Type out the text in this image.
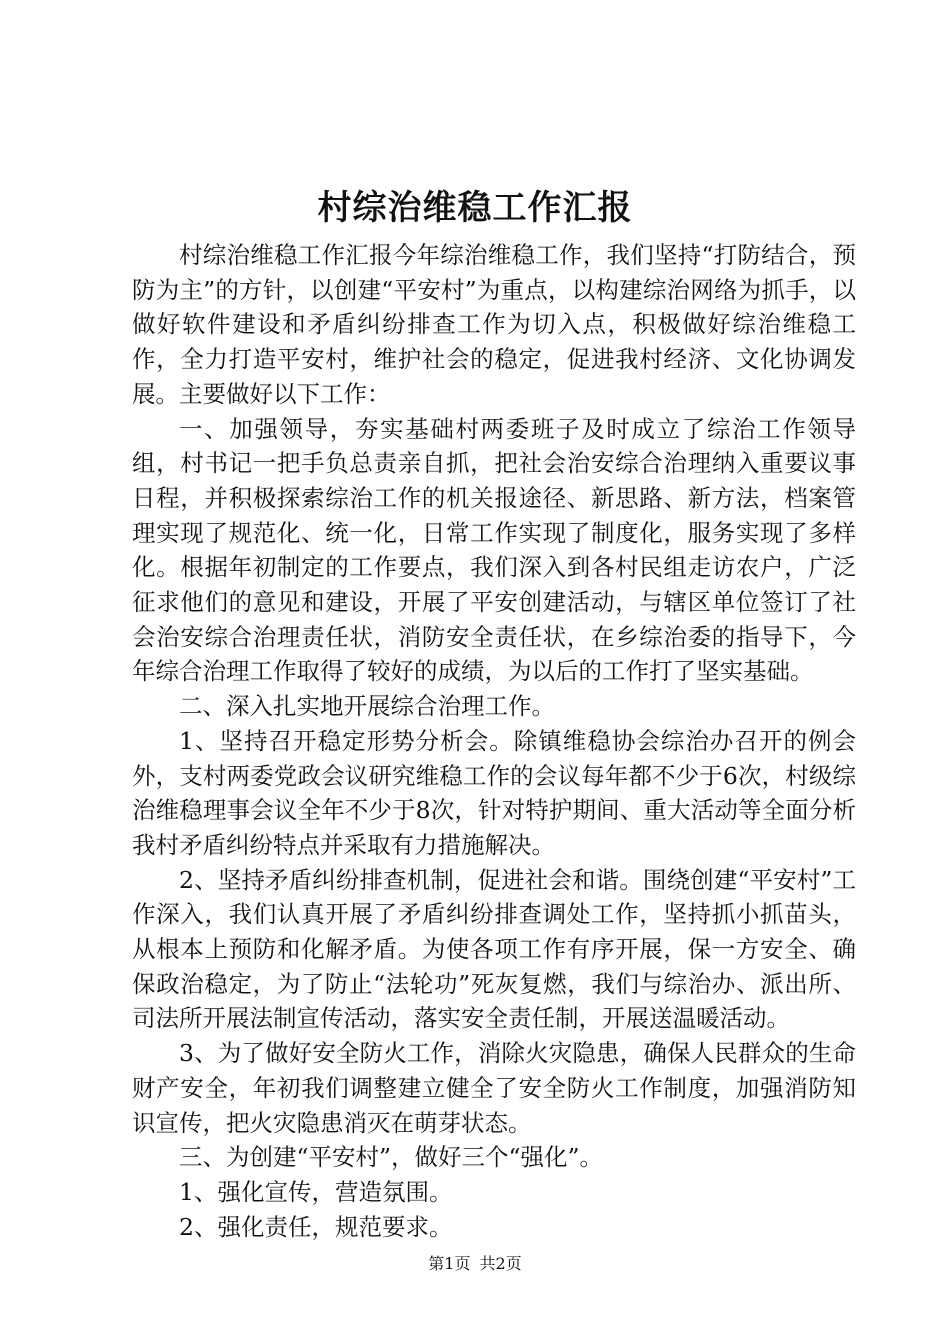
村综治维稳工作汇报

村综治维稳工作汇报今年综治维稳工作，我们坚持“打防结合，预防为主”的方针，以创建“平安村”为重点，以构建综治网络为抓手，以做好软件建设和矛盾纠纷排查工作为切入点，积极做好综治维稳工作，全力打造平安村，维护社会的稳定，促进我村经济、文化协调发展。主要做好以下工作：

一、加强领导，夯实基础村两委班子及时成立了综治工作领导组，村书记一把手负总责亲自抓，把社会治安综合治理纳入重要议事日程，并积极探索综治工作的机关报途径、新思路、新方法，档案管理实现了规范化、统一化，日常工作实现了制度化，服务实现了多样化。根据年初制定的工作要点，我们深入到各村民组走访农户，广泛征求他们的意见和建设，开展了平安创建活动，与辖区单位签订了社会治安综合治理责任状，消防安全责任状，在乡综治委的指导下，今年综合治理工作取得了较好的成绩，为以后的工作打了坚实基础。

二、深入扎实地开展综合治理工作。

1、坚持召开稳定形势分析会。除镇维稳协会综治办召开的例会外，支村两委党政会议研究维稳工作的会议每年都不少于6次，村级综治维稳理事会议全年不少于8次，针对特护期间、重大活动等全面分析我村矛盾纠纷特点并采取有力措施解决。

2、坚持矛盾纠纷排查机制，促进社会和谐。围绕创建“平安村”工作深入，我们认真开展了矛盾纠纷排查调处工作，坚持抓小抓苗头，从根本上预防和化解矛盾。为使各项工作有序开展，保一方安全、确保政治稳定，为了防止“法轮功”死灰复燃，我们与综治办、派出所、司法所开展法制宣传活动，落实安全责任制，开展送温暖活动。

3、为了做好安全防火工作，消除火灾隐患，确保人民群众的生命财产安全，年初我们调整建立健全了安全防火工作制度，加强消防知识宣传，把火灾隐患消灭在萌芽状态。

三、为创建“平安村”，做好三个“强化”。

1、强化宣传，营造氛围。

2、强化责任，规范要求。

第1页 共2页
